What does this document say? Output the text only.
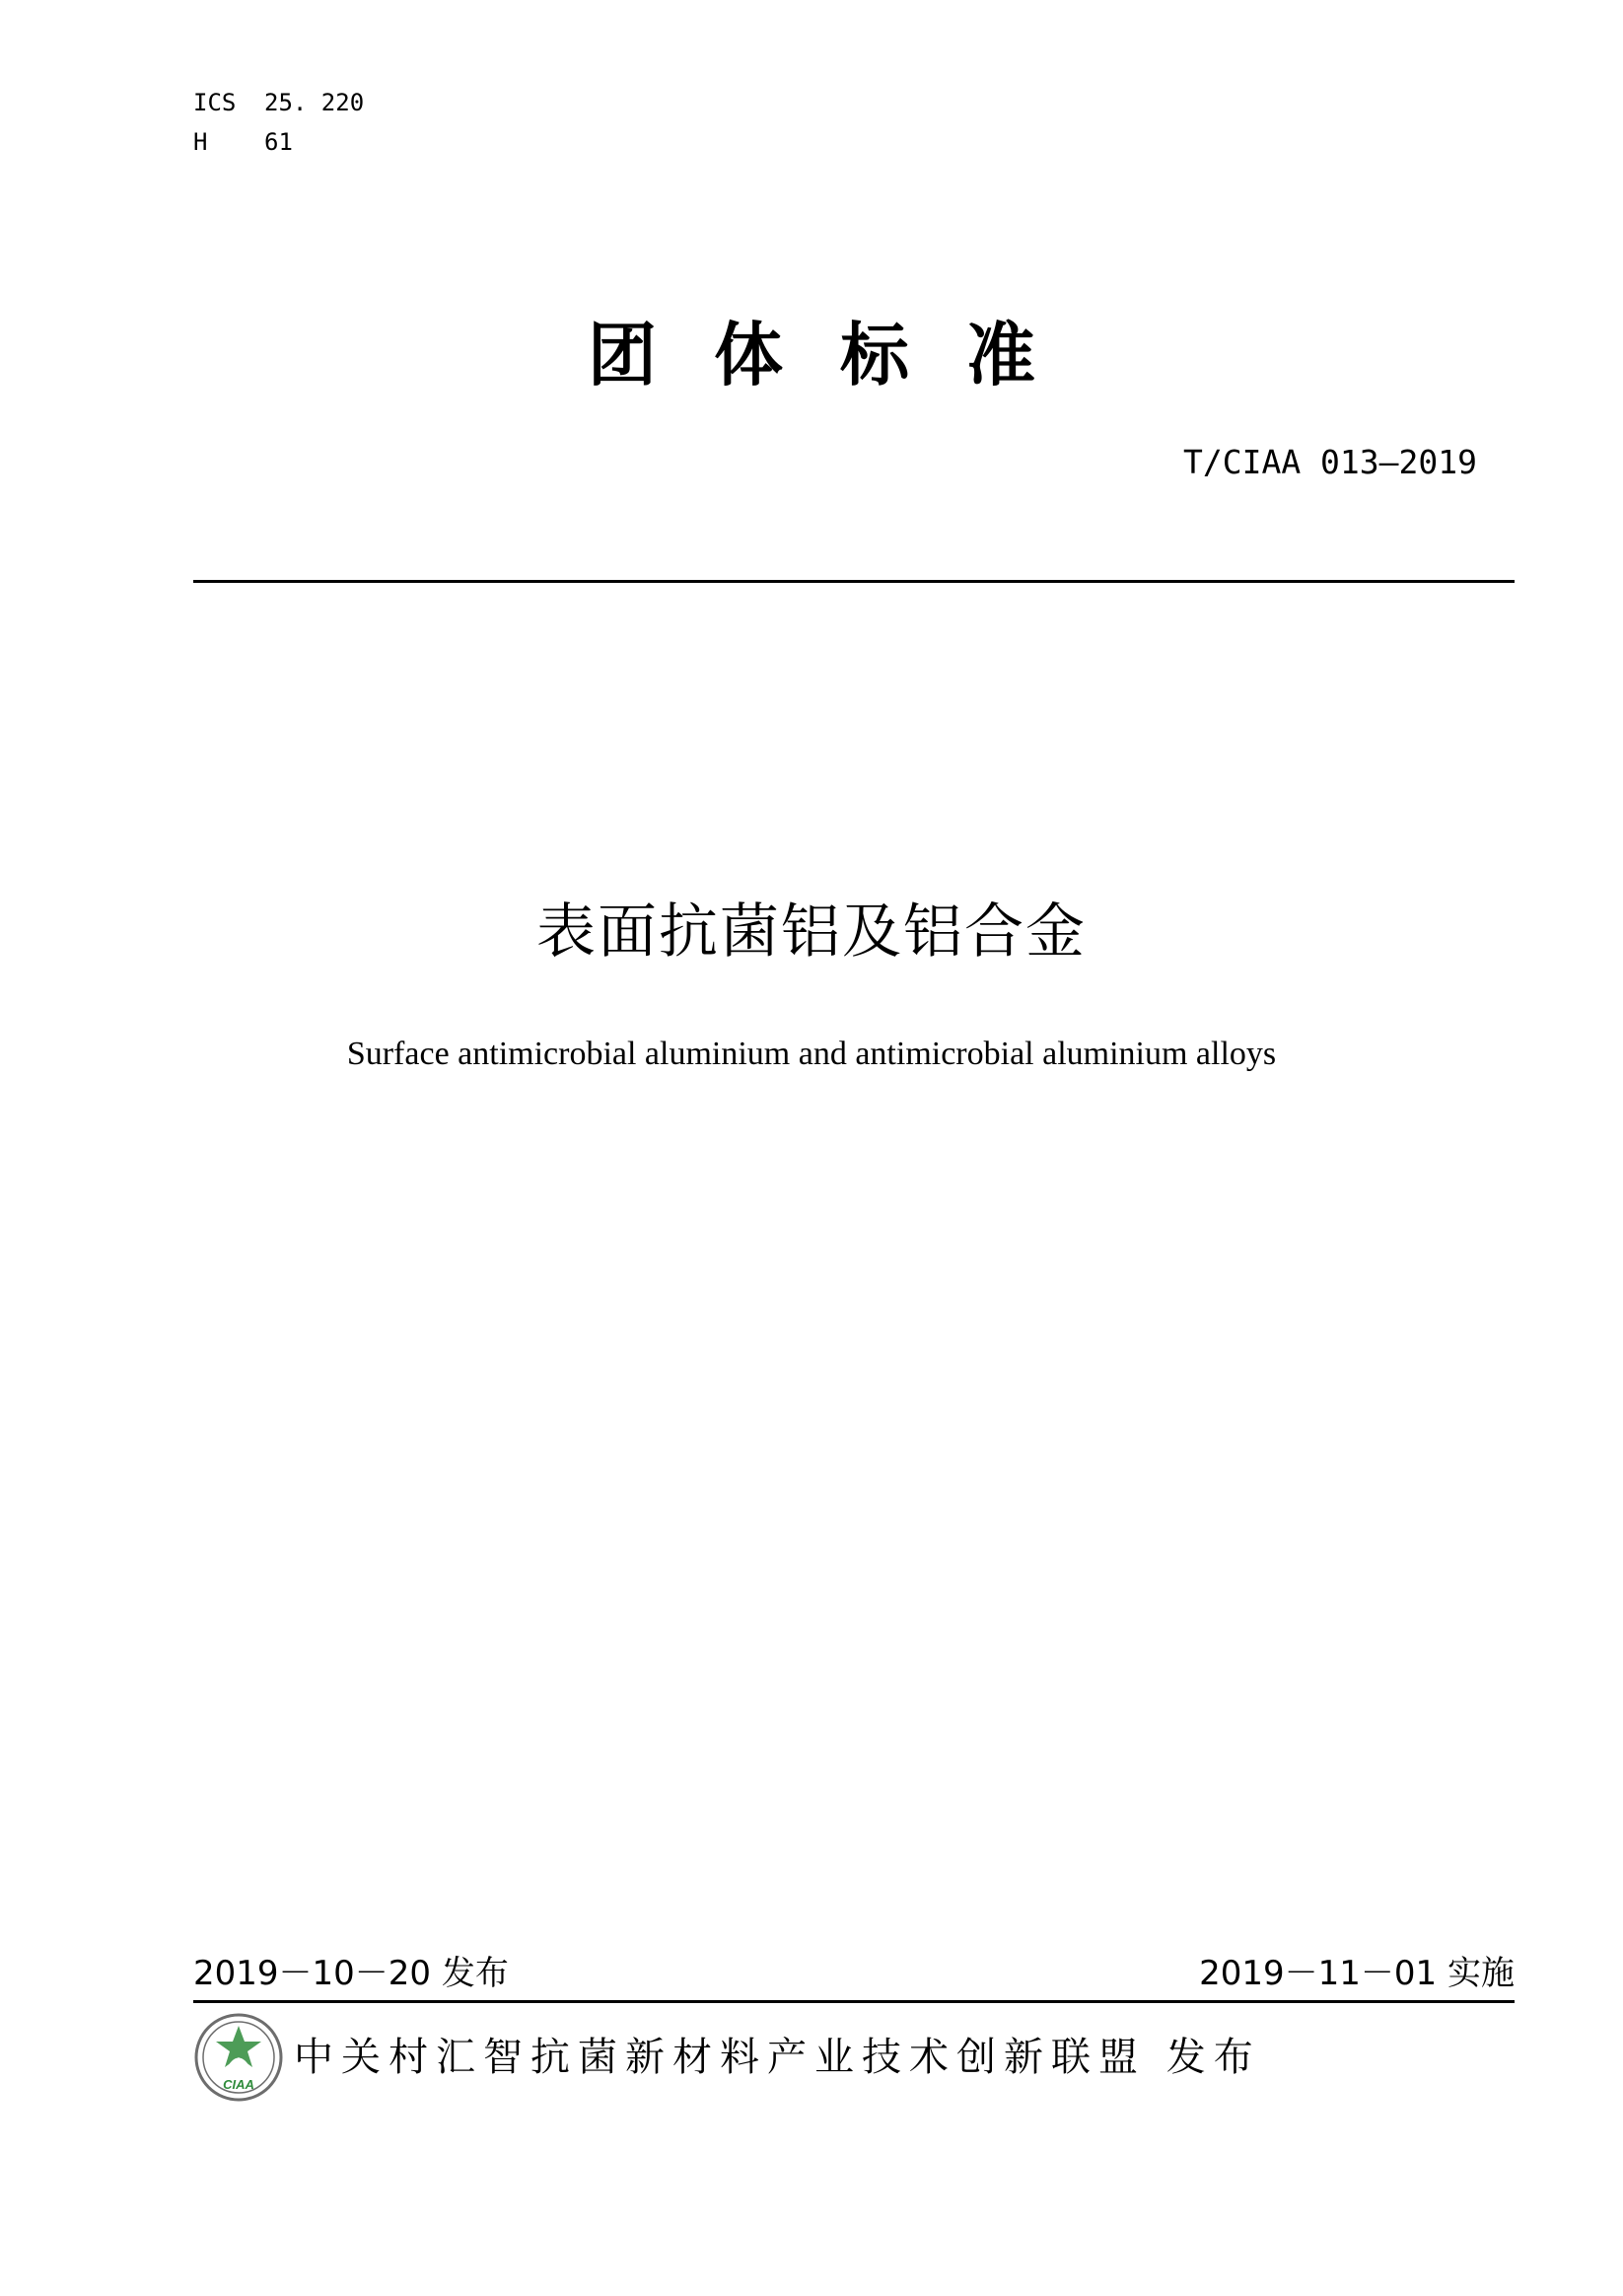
ICS	25. 220
H	61
团体标准
T/CIAA 013—2019
表面抗菌铝及铝合金
Surface antimicrobial aluminium and antimicrobial aluminium alloys
2019－10－20 发布	2019－11－01 实施
CIAA
中关村汇智抗菌新材料产业技术创新联盟 发布
